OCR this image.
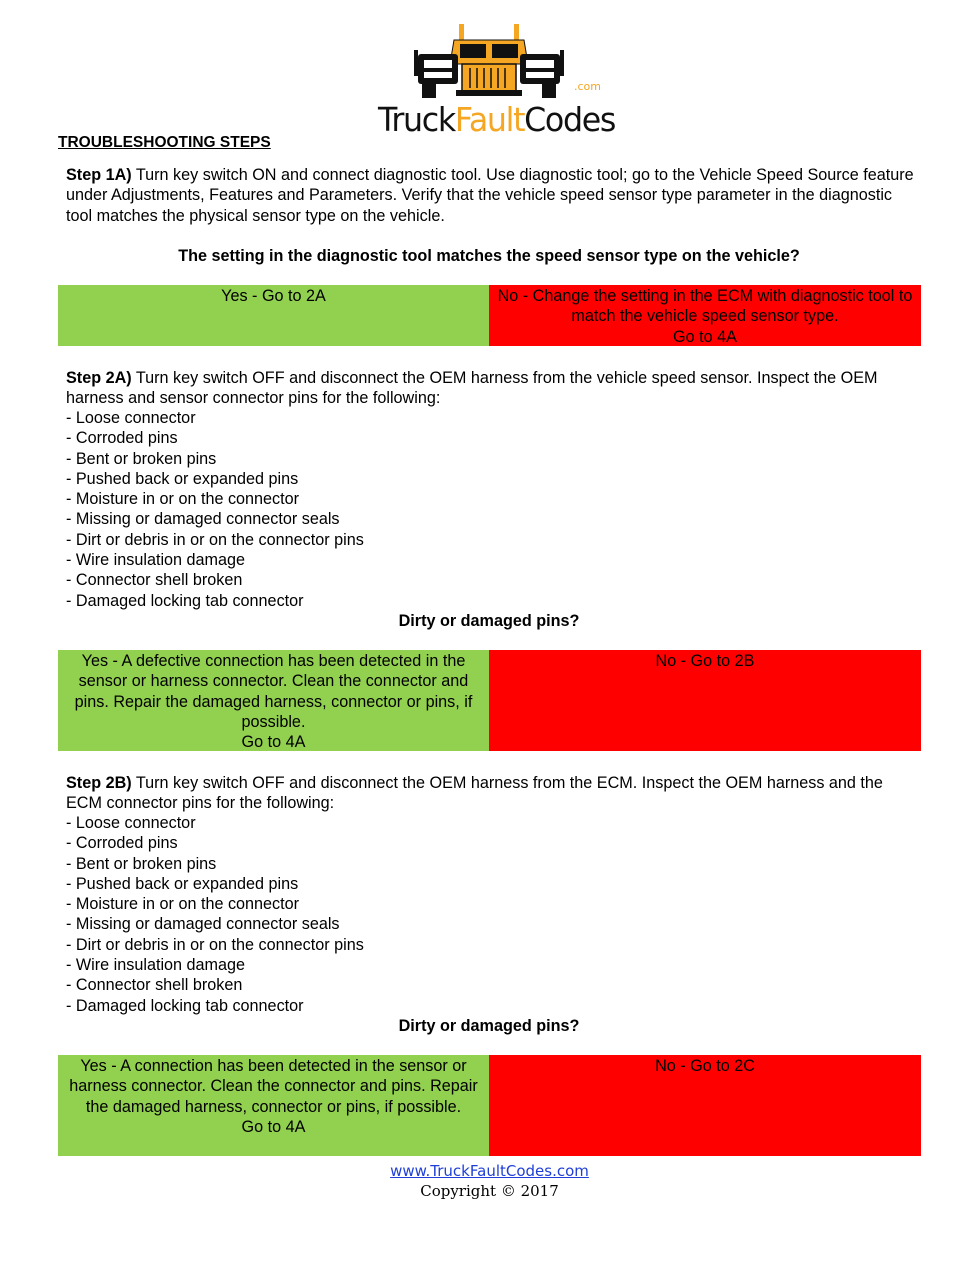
TruckFaultCodes
.com
TROUBLESHOOTING STEPS
Step 1A) Turn key switch ON and connect diagnostic tool. Use diagnostic tool; go to the Vehicle Speed Source feature under Adjustments, Features and Parameters. Verify that the vehicle speed sensor type parameter in the diagnostic tool matches the physical sensor type on the vehicle.
The setting in the diagnostic tool matches the speed sensor type on the vehicle?
Yes - Go to 2A	No - Change the setting in the ECM with diagnostic tool to match the vehicle speed sensor type.
Go to 4A
Step 2A) Turn key switch OFF and disconnect the OEM harness from the vehicle speed sensor. Inspect the OEM harness and sensor connector pins for the following:
- Loose connector
- Corroded pins
- Bent or broken pins
- Pushed back or expanded pins
- Moisture in or on the connector
- Missing or damaged connector seals
- Dirt or debris in or on the connector pins
- Wire insulation damage
- Connector shell broken
- Damaged locking tab connector
Dirty or damaged pins?
Yes - A defective connection has been detected in the sensor or harness connector. Clean the connector and pins. Repair the damaged harness, connector or pins, if possible.
Go to 4A
No - Go to 2B
Step 2B) Turn key switch OFF and disconnect the OEM harness from the ECM. Inspect the OEM harness and the ECM connector pins for the following:
- Loose connector
- Corroded pins
- Bent or broken pins
- Pushed back or expanded pins
- Moisture in or on the connector
- Missing or damaged connector seals
- Dirt or debris in or on the connector pins
- Wire insulation damage
- Connector shell broken
- Damaged locking tab connector
Dirty or damaged pins?
Yes - A connection has been detected in the sensor or harness connector. Clean the connector and pins. Repair the damaged harness, connector or pins, if possible.
Go to 4A
No - Go to 2C
www.TruckFaultCodes.com
Copyright © 2017
